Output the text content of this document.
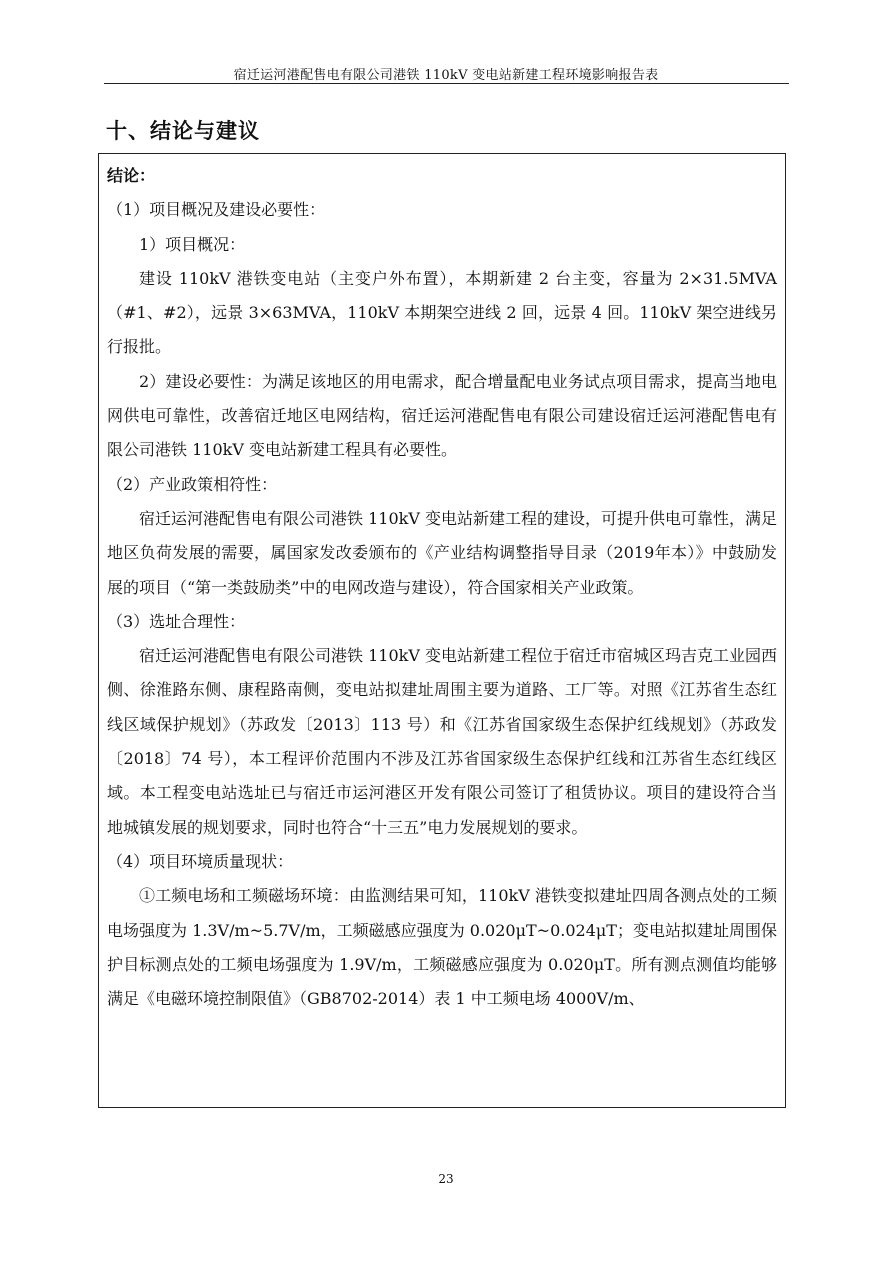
宿迁运河港配售电有限公司港铁 110kV 变电站新建工程环境影响报告表
十、结论与建议

结论：

（1）项目概况及建设必要性：

1）项目概况：

建设 110kV 港铁变电站（主变户外布置），本期新建 2 台主变，容量为 2×31.5MVA（#1、#2），远景 3×63MVA，110kV 本期架空进线 2 回，远景 4 回。110kV 架空进线另行报批。

2）建设必要性：为满足该地区的用电需求，配合增量配电业务试点项目需求，提高当地电网供电可靠性，改善宿迁地区电网结构，宿迁运河港配售电有限公司建设宿迁运河港配售电有限公司港铁 110kV 变电站新建工程具有必要性。

（2）产业政策相符性：

宿迁运河港配售电有限公司港铁 110kV 变电站新建工程的建设，可提升供电可靠性，满足地区负荷发展的需要，属国家发改委颁布的《产业结构调整指导目录（2019年本）》中鼓励发展的项目（“第一类鼓励类”中的电网改造与建设），符合国家相关产业政策。

（3）选址合理性：

宿迁运河港配售电有限公司港铁 110kV 变电站新建工程位于宿迁市宿城区玛吉克工业园西侧、徐淮路东侧、康程路南侧，变电站拟建址周围主要为道路、工厂等。对照《江苏省生态红线区域保护规划》（苏政发〔2013〕113 号）和《江苏省国家级生态保护红线规划》（苏政发〔2018〕74 号），本工程评价范围内不涉及江苏省国家级生态保护红线和江苏省生态红线区域。本工程变电站选址已与宿迁市运河港区开发有限公司签订了租赁协议。项目的建设符合当地城镇发展的规划要求，同时也符合“十三五”电力发展规划的要求。

（4）项目环境质量现状：

①工频电场和工频磁场环境：由监测结果可知，110kV 港铁变拟建址四周各测点处的工频电场强度为 1.3V/m~5.7V/m，工频磁感应强度为 0.020μT~0.024μT；变电站拟建址周围保护目标测点处的工频电场强度为 1.9V/m，工频磁感应强度为 0.020μT。所有测点测值均能够满足《电磁环境控制限值》（GB8702-2014）表 1 中工频电场 4000V/m、

23
